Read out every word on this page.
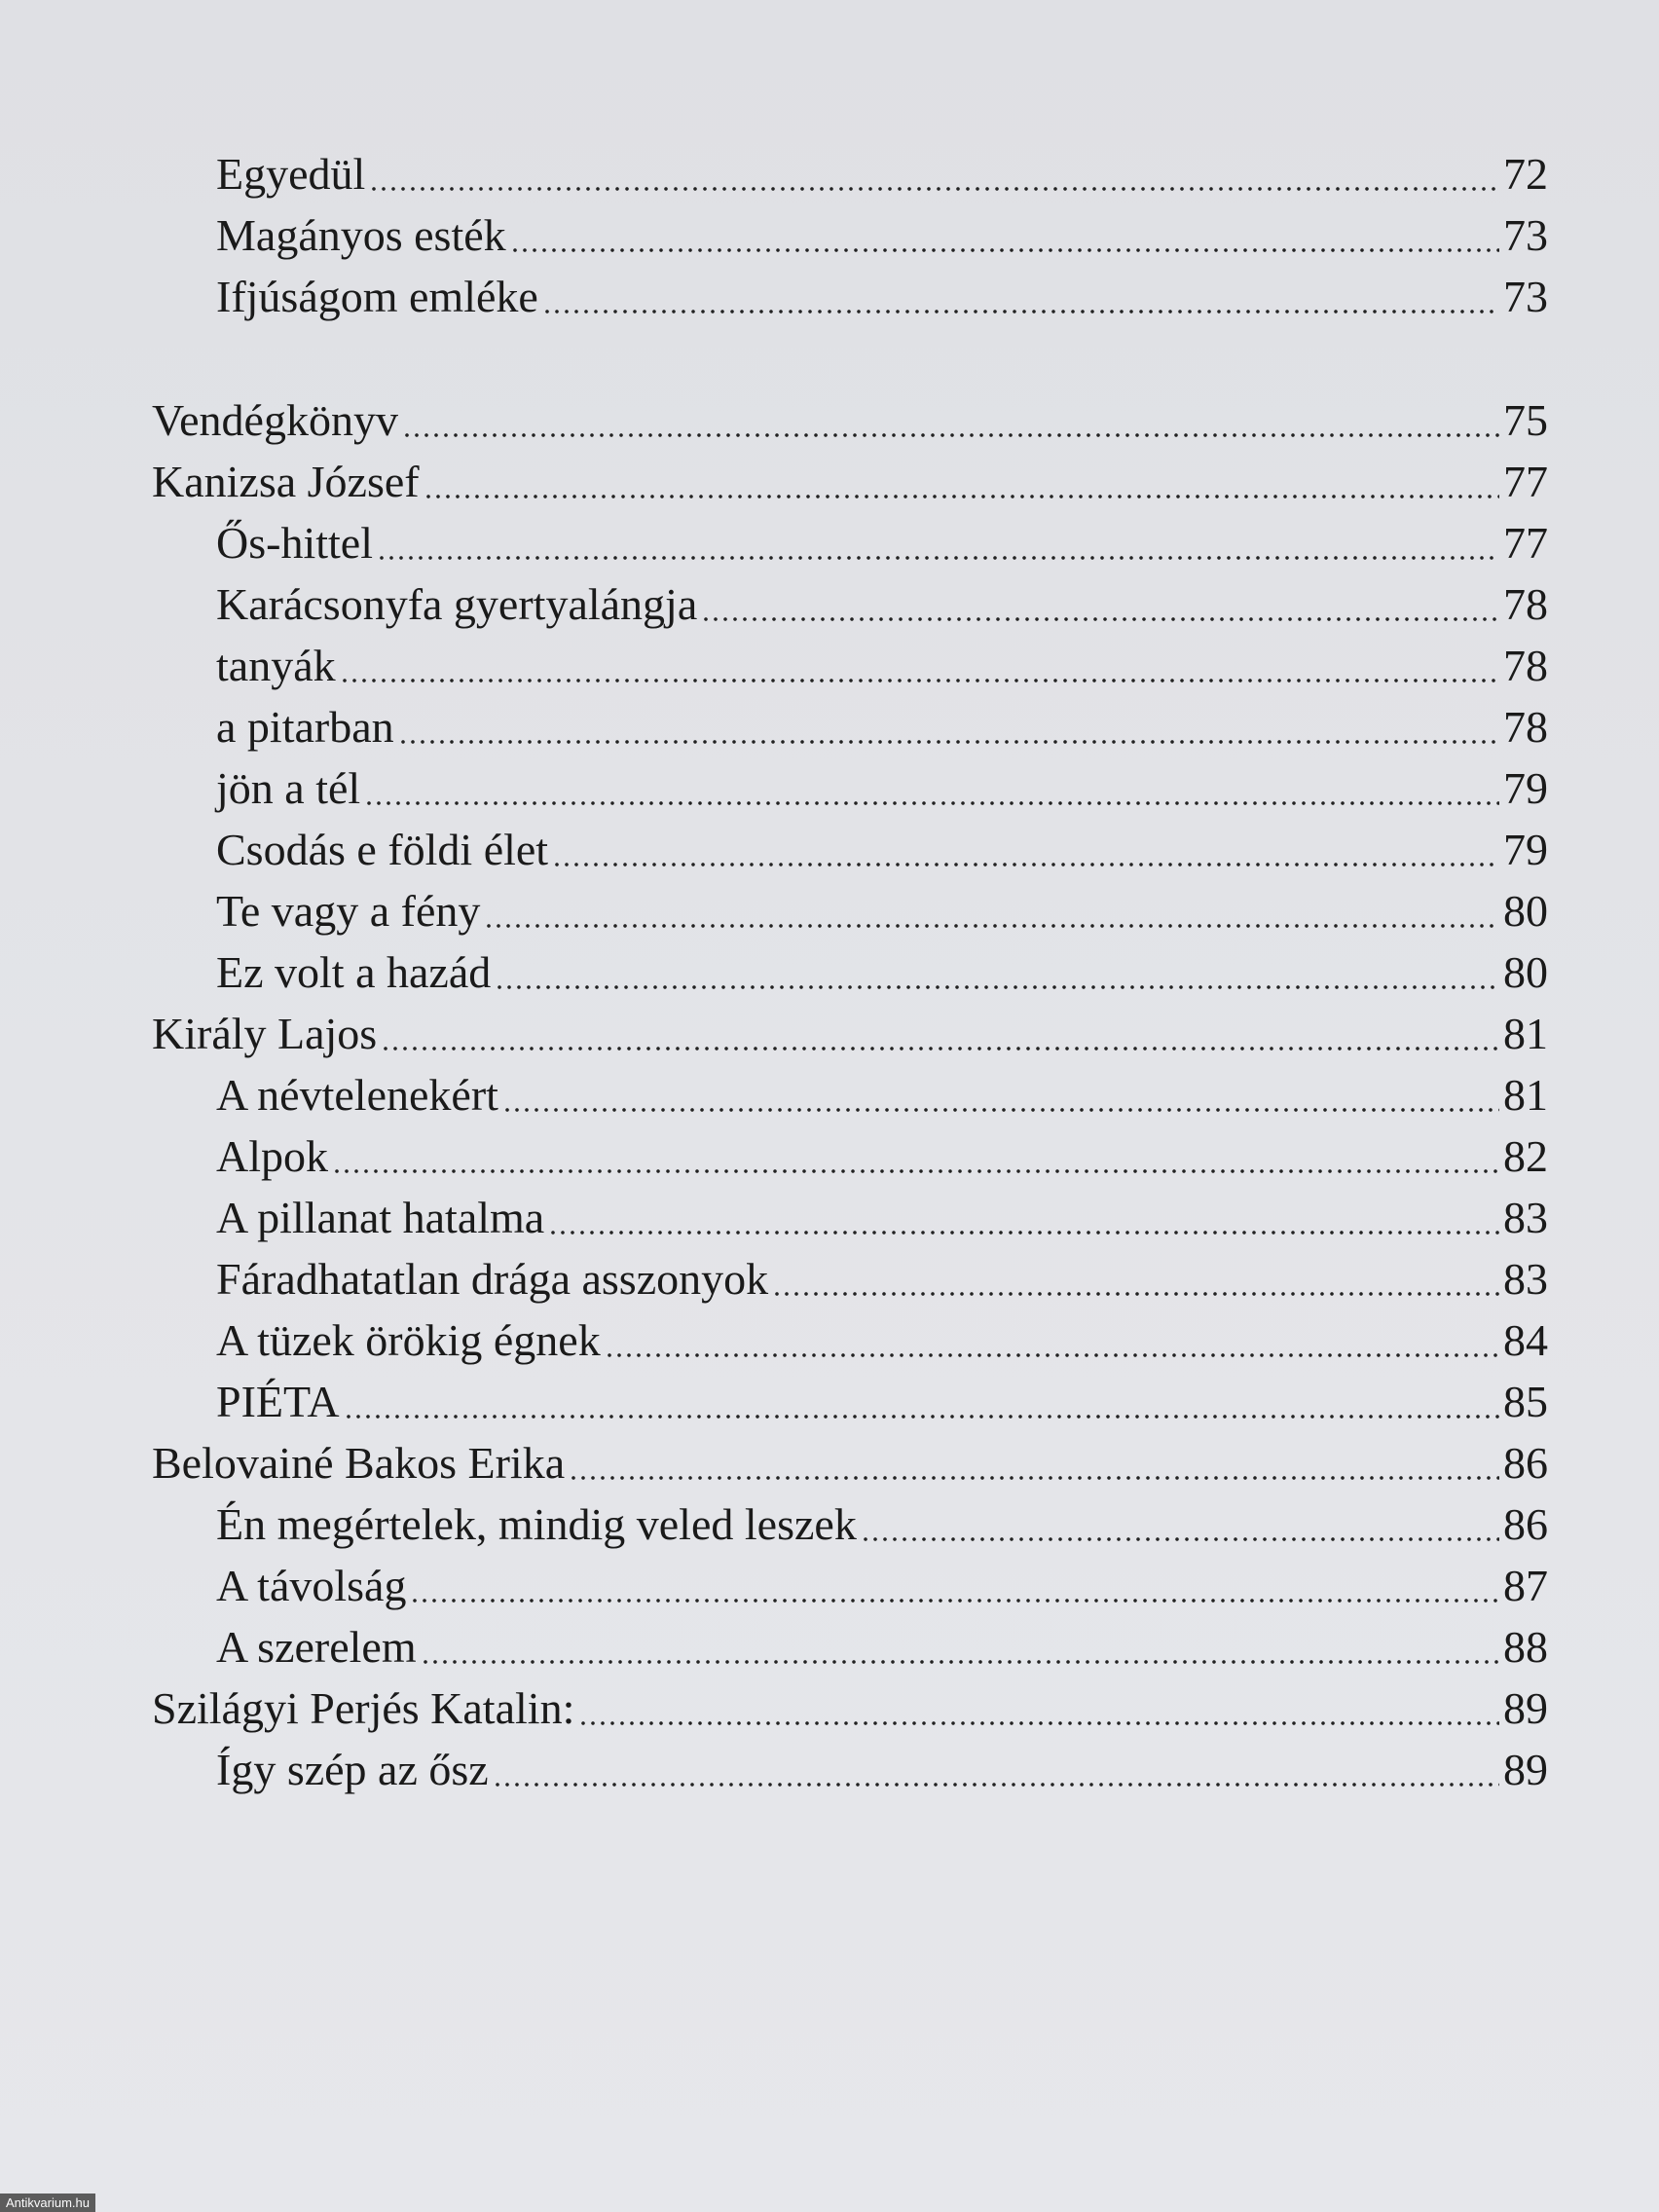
Egyedül	72
Magányos esték	73
Ifjúságom emléke	73
Vendégkönyv	75
Kanizsa József	77
Ős-hittel	77
Karácsonyfa gyertyalángja	78
tanyák	78
a pitarban	78
jön a tél	79
Csodás e földi élet	79
Te vagy a fény	80
Ez volt a hazád	80
Király Lajos	81
A névtelenekért	81
Alpok	82
A pillanat hatalma	83
Fáradhatatlan drága asszonyok	83
A tüzek örökig égnek	84
PIÉTA	85
Belovainé Bakos Erika	86
Én megértelek, mindig veled leszek	86
A távolság	87
A szerelem	88
Szilágyi Perjés Katalin:	89
Így szép az ősz	89
Antikvarium.hu
